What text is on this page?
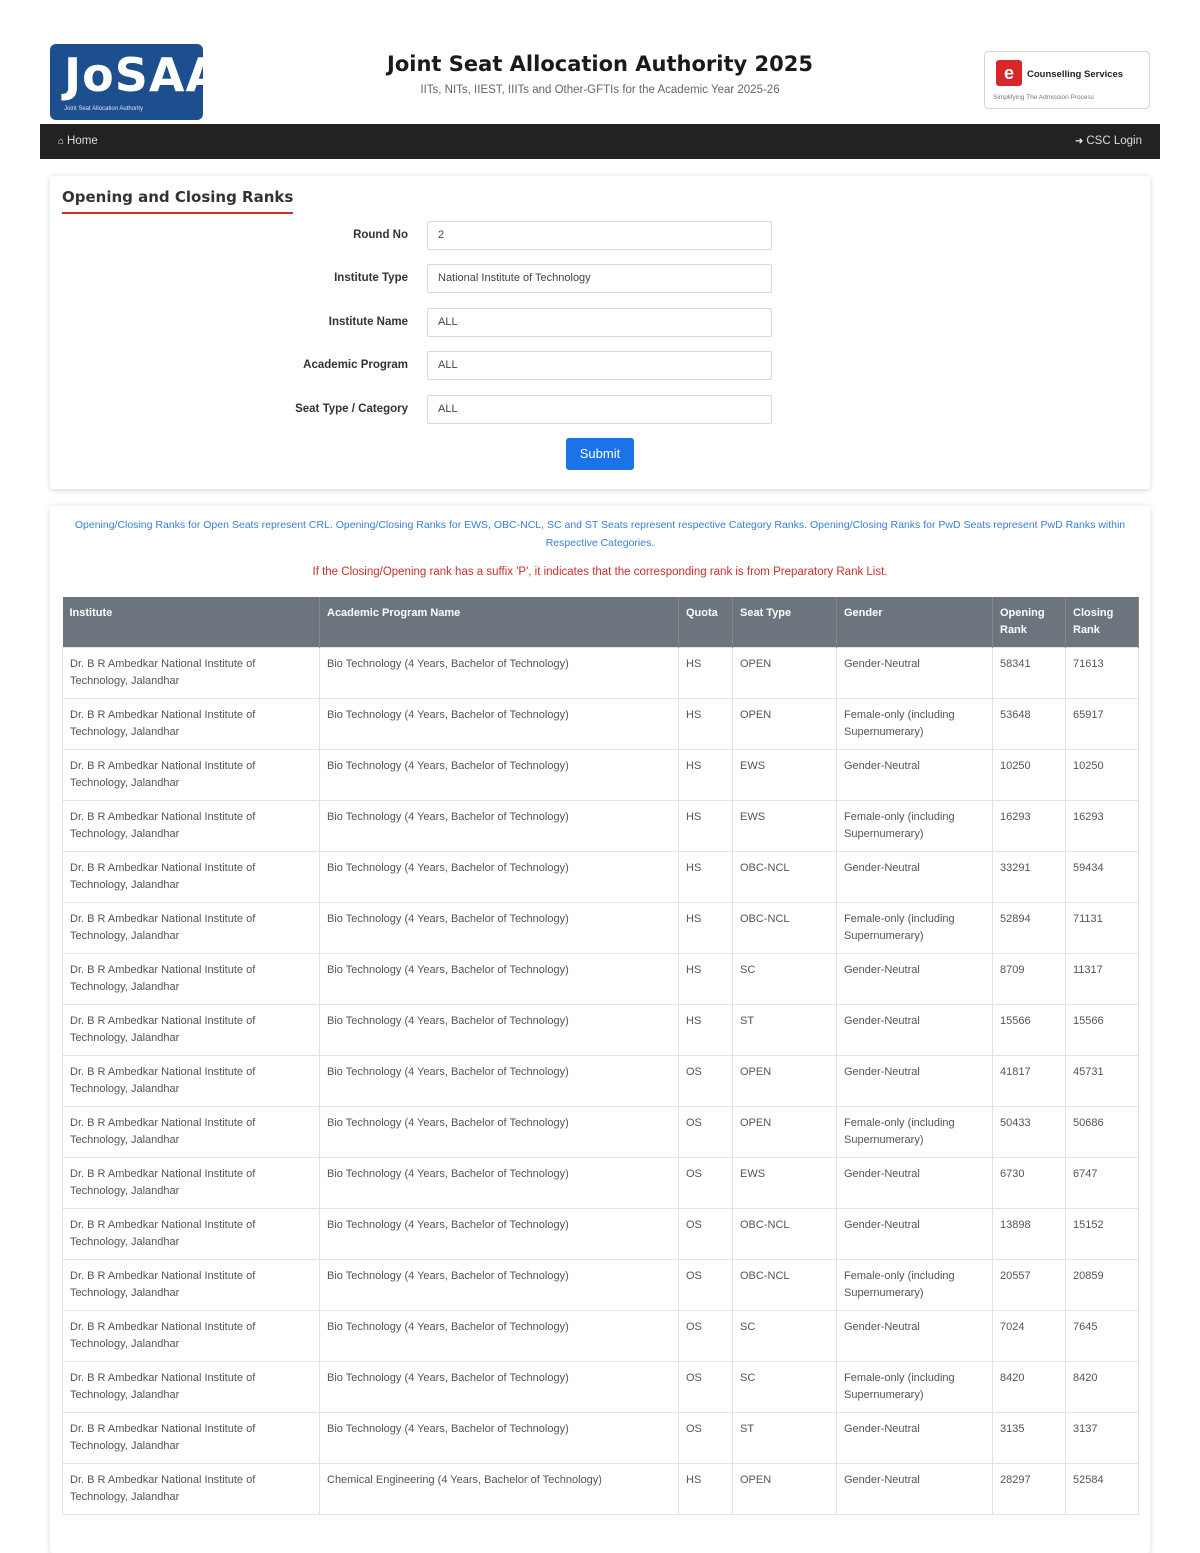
JoSAA
Joint Seat Allocation Authority
Joint Seat Allocation Authority 2025
IITs, NITs, IIEST, IIITs and Other-GFTIs for the Academic Year 2025-26
e	Counselling Services
Simplifying The Admission Process
⌂ Home	➜ CSC Login
Opening and Closing Ranks
Round No	2
Institute Type	National Institute of Technology
Institute Name	ALL
Academic Program	ALL
Seat Type / Category	ALL
Submit
Opening/Closing Ranks for Open Seats represent CRL. Opening/Closing Ranks for EWS, OBC-NCL, SC and ST Seats represent respective Category Ranks. Opening/Closing Ranks for PwD Seats represent PwD Ranks within Respective Categories.
If the Closing/Opening rank has a suffix 'P', it indicates that the corresponding rank is from Preparatory Rank List.
Institute	Academic Program Name	Quota	Seat Type	Gender	Opening Rank	Closing Rank
Dr. B R Ambedkar National Institute of Technology, Jalandhar	Bio Technology (4 Years, Bachelor of Technology)	HS	OPEN	Gender-Neutral	58341	71613
Dr. B R Ambedkar National Institute of Technology, Jalandhar	Bio Technology (4 Years, Bachelor of Technology)	HS	OPEN	Female-only (including Supernumerary)	53648	65917
Dr. B R Ambedkar National Institute of Technology, Jalandhar	Bio Technology (4 Years, Bachelor of Technology)	HS	EWS	Gender-Neutral	10250	10250
Dr. B R Ambedkar National Institute of Technology, Jalandhar	Bio Technology (4 Years, Bachelor of Technology)	HS	EWS	Female-only (including Supernumerary)	16293	16293
Dr. B R Ambedkar National Institute of Technology, Jalandhar	Bio Technology (4 Years, Bachelor of Technology)	HS	OBC-NCL	Gender-Neutral	33291	59434
Dr. B R Ambedkar National Institute of Technology, Jalandhar	Bio Technology (4 Years, Bachelor of Technology)	HS	OBC-NCL	Female-only (including Supernumerary)	52894	71131
Dr. B R Ambedkar National Institute of Technology, Jalandhar	Bio Technology (4 Years, Bachelor of Technology)	HS	SC	Gender-Neutral	8709	11317
Dr. B R Ambedkar National Institute of Technology, Jalandhar	Bio Technology (4 Years, Bachelor of Technology)	HS	ST	Gender-Neutral	15566	15566
Dr. B R Ambedkar National Institute of Technology, Jalandhar	Bio Technology (4 Years, Bachelor of Technology)	OS	OPEN	Gender-Neutral	41817	45731
Dr. B R Ambedkar National Institute of Technology, Jalandhar	Bio Technology (4 Years, Bachelor of Technology)	OS	OPEN	Female-only (including Supernumerary)	50433	50686
Dr. B R Ambedkar National Institute of Technology, Jalandhar	Bio Technology (4 Years, Bachelor of Technology)	OS	EWS	Gender-Neutral	6730	6747
Dr. B R Ambedkar National Institute of Technology, Jalandhar	Bio Technology (4 Years, Bachelor of Technology)	OS	OBC-NCL	Gender-Neutral	13898	15152
Dr. B R Ambedkar National Institute of Technology, Jalandhar	Bio Technology (4 Years, Bachelor of Technology)	OS	OBC-NCL	Female-only (including Supernumerary)	20557	20859
Dr. B R Ambedkar National Institute of Technology, Jalandhar	Bio Technology (4 Years, Bachelor of Technology)	OS	SC	Gender-Neutral	7024	7645
Dr. B R Ambedkar National Institute of Technology, Jalandhar	Bio Technology (4 Years, Bachelor of Technology)	OS	SC	Female-only (including Supernumerary)	8420	8420
Dr. B R Ambedkar National Institute of Technology, Jalandhar	Bio Technology (4 Years, Bachelor of Technology)	OS	ST	Gender-Neutral	3135	3137
Dr. B R Ambedkar National Institute of Technology, Jalandhar	Chemical Engineering (4 Years, Bachelor of Technology)	HS	OPEN	Gender-Neutral	28297	52584
